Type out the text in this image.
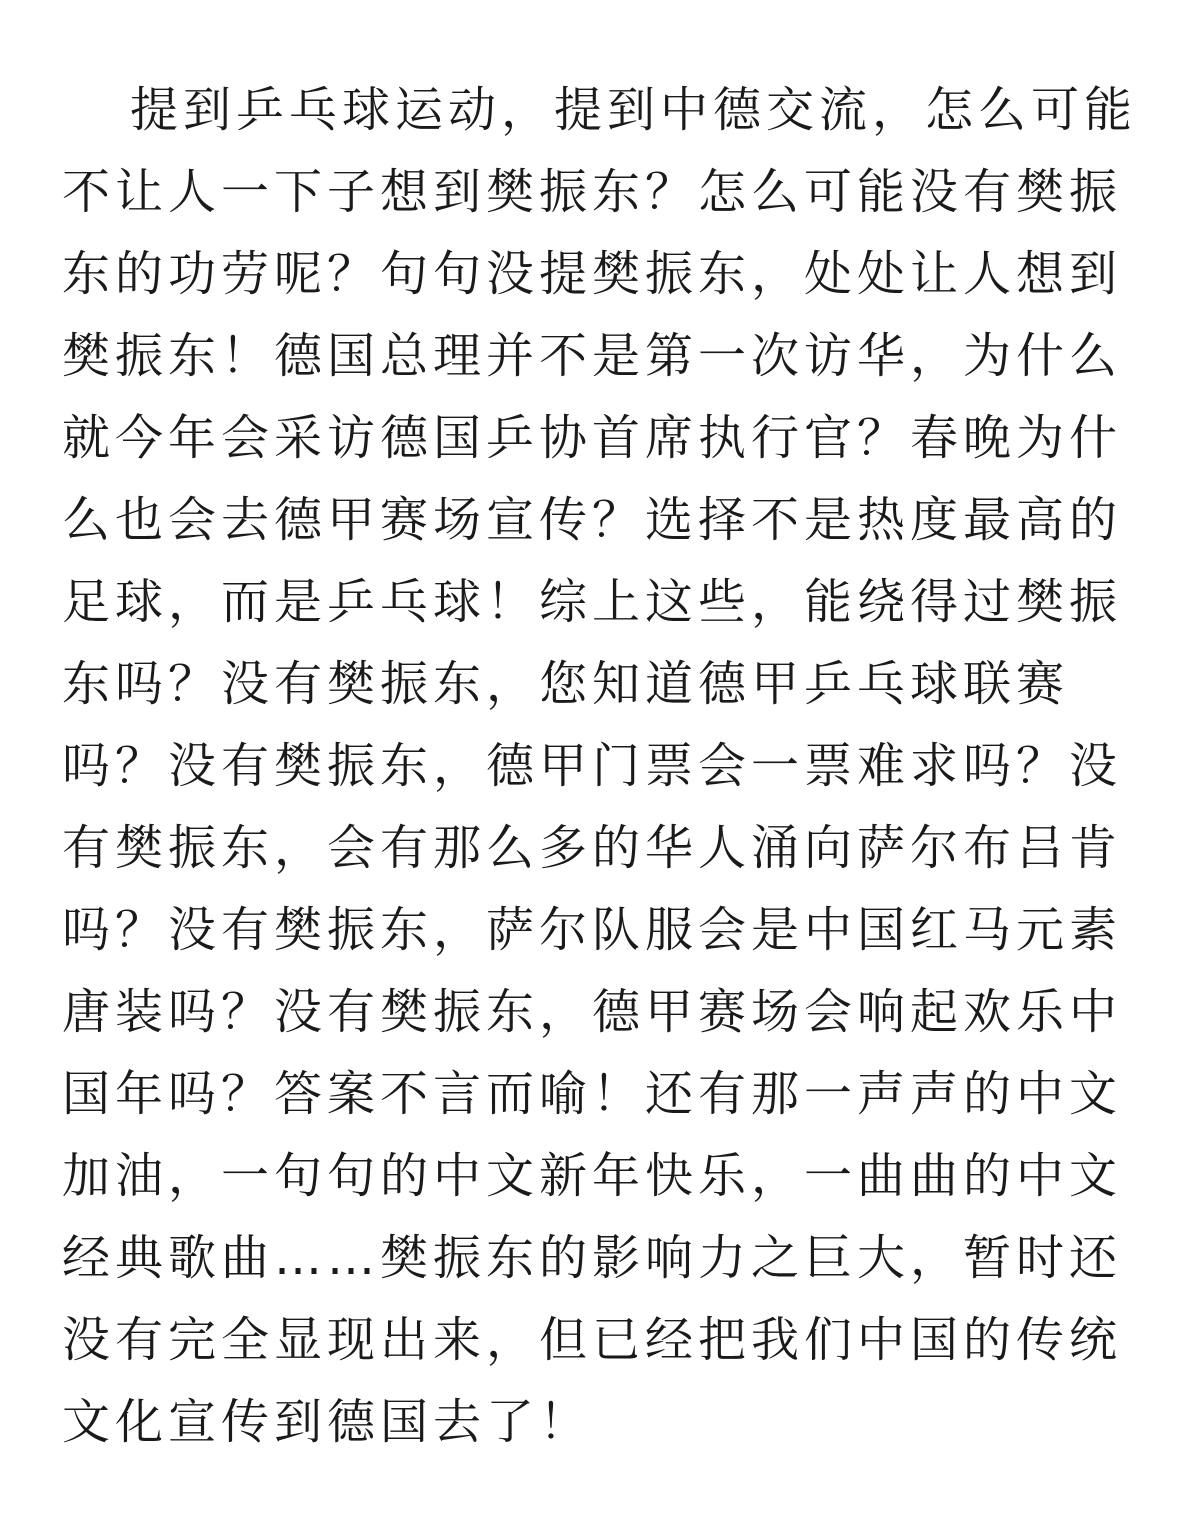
提到乒乓球运动，提到中德交流，怎么可能
不让人一下子想到樊振东？怎么可能没有樊振
东的功劳呢？句句没提樊振东，处处让人想到
樊振东！德国总理并不是第一次访华，为什么
就今年会采访德国乒协首席执行官？春晚为什
么也会去德甲赛场宣传？选择不是热度最高的
足球，而是乒乓球！综上这些，能绕得过樊振
东吗？没有樊振东，您知道德甲乒乓球联赛
吗？没有樊振东，德甲门票会一票难求吗？没
有樊振东，会有那么多的华人涌向萨尔布吕肯
吗？没有樊振东，萨尔队服会是中国红马元素
唐装吗？没有樊振东，德甲赛场会响起欢乐中
国年吗？答案不言而喻！还有那一声声的中文
加油，一句句的中文新年快乐，一曲曲的中文
经典歌曲……樊振东的影响力之巨大，暂时还
没有完全显现出来，但已经把我们中国的传统
文化宣传到德国去了！
